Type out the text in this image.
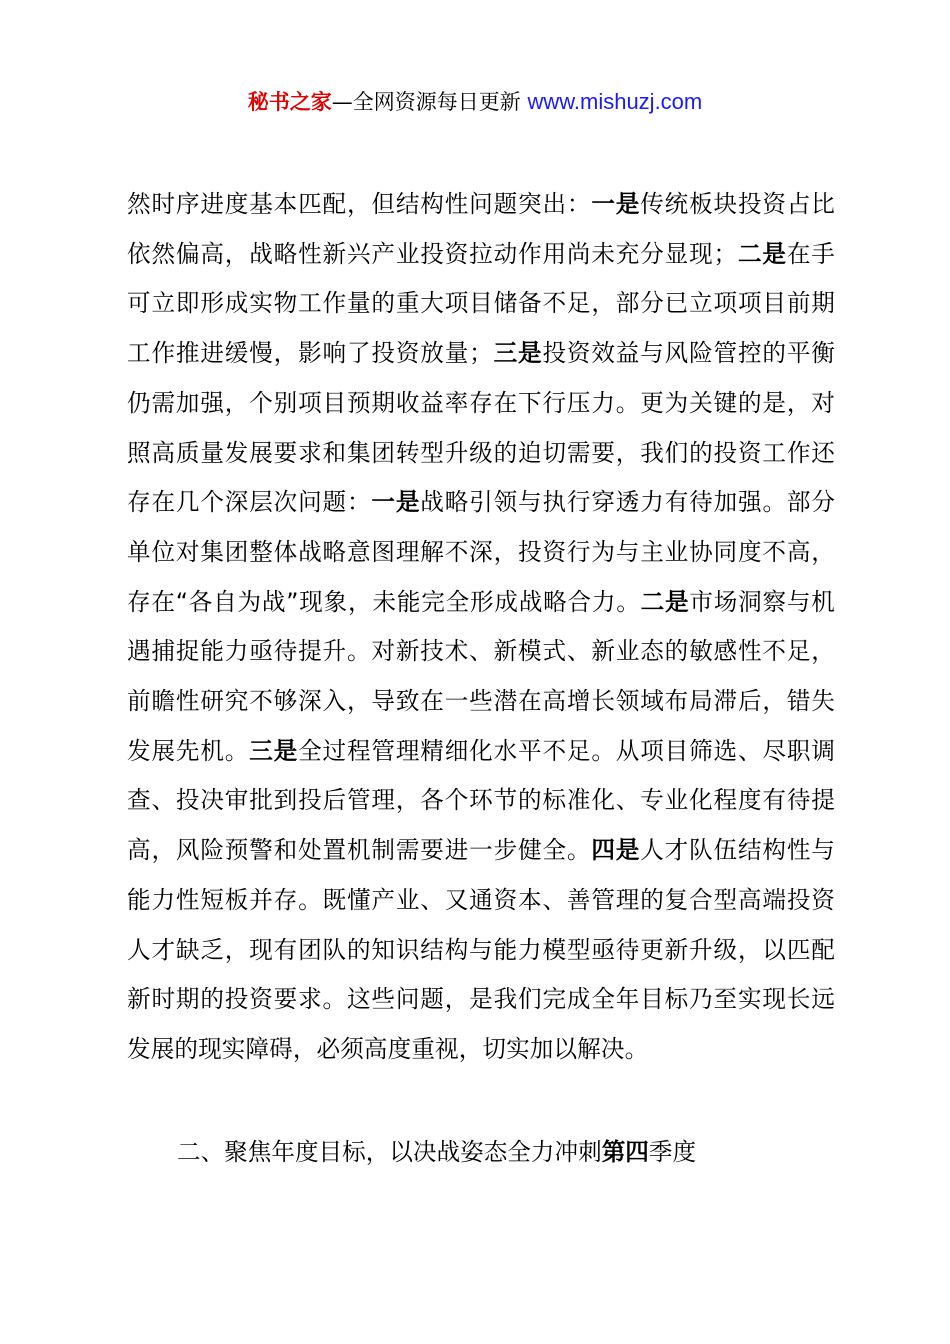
秘书之家—全网资源每日更新 www.mishuzj.com

然时序进度基本匹配，但结构性问题突出：一是传统板块投资占比依然偏高，战略性新兴产业投资拉动作用尚未充分显现；二是在手可立即形成实物工作量的重大项目储备不足，部分已立项项目前期工作推进缓慢，影响了投资放量；三是投资效益与风险管控的平衡仍需加强，个别项目预期收益率存在下行压力。更为关键的是，对照高质量发展要求和集团转型升级的迫切需要，我们的投资工作还存在几个深层次问题：一是战略引领与执行穿透力有待加强。部分单位对集团整体战略意图理解不深，投资行为与主业协同度不高，存在“各自为战”现象，未能完全形成战略合力。二是市场洞察与机遇捕捉能力亟待提升。对新技术、新模式、新业态的敏感性不足，前瞻性研究不够深入，导致在一些潜在高增长领域布局滞后，错失发展先机。三是全过程管理精细化水平不足。从项目筛选、尽职调查、投决审批到投后管理，各个环节的标准化、专业化程度有待提高，风险预警和处置机制需要进一步健全。四是人才队伍结构性与能力性短板并存。既懂产业、又通资本、善管理的复合型高端投资人才缺乏，现有团队的知识结构与能力模型亟待更新升级，以匹配新时期的投资要求。这些问题，是我们完成全年目标乃至实现长远发展的现实障碍，必须高度重视，切实加以解决。

二、聚焦年度目标，以决战姿态全力冲刺第四季度
